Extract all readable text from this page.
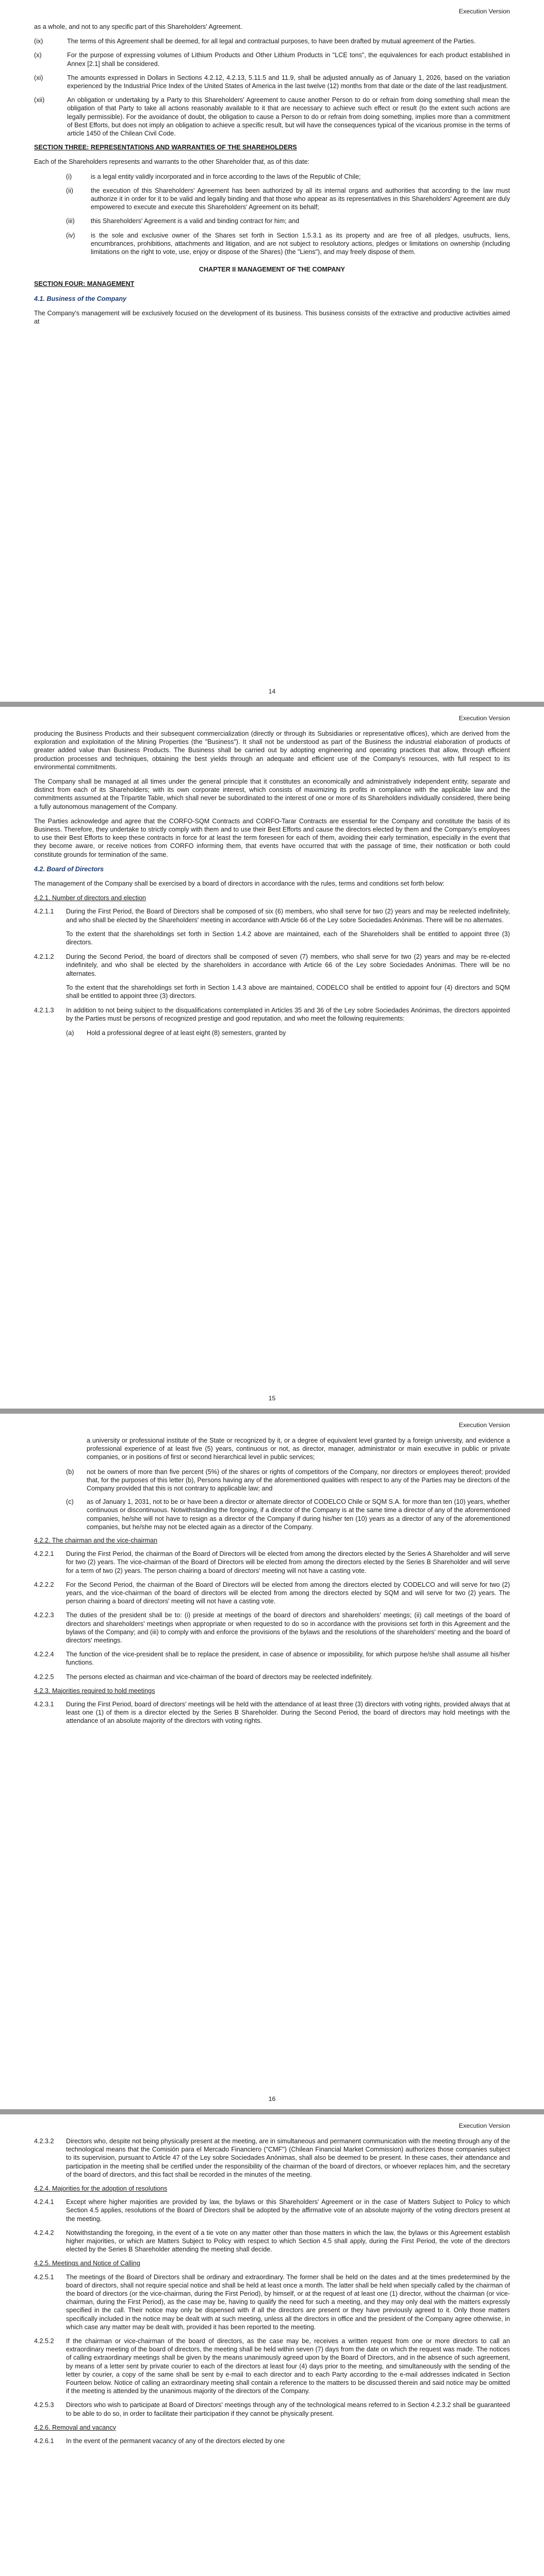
Execution Version

as a whole, and not to any specific part of this Shareholders' Agreement.

(ix)	The terms of this Agreement shall be deemed, for all legal and contractual purposes, to have been drafted by mutual agreement of the Parties.
(x)	For the purpose of expressing volumes of Lithium Products and Other Lithium Products in "LCE tons", the equivalences for each product established in Annex [2.1] shall be considered.
(xi)	The amounts expressed in Dollars in Sections 4.2.12, 4.2.13, 5.11.5 and 11.9, shall be adjusted annually as of January 1, 2026, based on the variation experienced by the Industrial Price Index of the United States of America in the last twelve (12) months from that date or the date of the last readjustment.
(xii)	An obligation or undertaking by a Party to this Shareholders' Agreement to cause another Person to do or refrain from doing something shall mean the obligation of that Party to take all actions reasonably available to it that are necessary to achieve such effect or result (to the extent such actions are legally permissible). For the avoidance of doubt, the obligation to cause a Person to do or refrain from doing something, implies more than a commitment of Best Efforts, but does not imply an obligation to achieve a specific result, but will have the consequences typical of the vicarious promise in the terms of article 1450 of the Chilean Civil Code.
SECTION THREE: REPRESENTATIONS AND WARRANTIES OF THE SHAREHOLDERS

Each of the Shareholders represents and warrants to the other Shareholder that, as of this date:

(i)	is a legal entity validly incorporated and in force according to the laws of the Republic of Chile;
(ii)	the execution of this Shareholders' Agreement has been authorized by all its internal organs and authorities that according to the law must authorize it in order for it to be valid and legally binding and that those who appear as its representatives in this Shareholders' Agreement are duly empowered to execute and execute this Shareholders' Agreement on its behalf;
(iii)	this Shareholders' Agreement is a valid and binding contract for him; and
(iv)	is the sole and exclusive owner of the Shares set forth in Section 1.5.3.1 as its property and are free of all pledges, usufructs, liens, encumbrances, prohibitions, attachments and litigation, and are not subject to resolutory actions, pledges or limitations on ownership (including limitations on the right to vote, use, enjoy or dispose of the Shares) (the "Liens"), and may freely dispose of them.
CHAPTER II MANAGEMENT OF THE COMPANY
SECTION FOUR: MANAGEMENT
4.1. Business of the Company

The Company's management will be exclusively focused on the development of its business. This business consists of the extractive and productive activities aimed at

14
Execution Version

producing the Business Products and their subsequent commercialization (directly or through its Subsidiaries or representative offices), which are derived from the exploration and exploitation of the Mining Properties (the "Business"). It shall not be understood as part of the Business the industrial elaboration of products of greater added value than Business Products. The Business shall be carried out by adopting engineering and operating practices that allow, through efficient production processes and techniques, obtaining the best yields through an adequate and efficient use of the Company's resources, with full respect to its environmental commitments.

The Company shall be managed at all times under the general principle that it constitutes an economically and administratively independent entity, separate and distinct from each of its Shareholders; with its own corporate interest, which consists of maximizing its profits in compliance with the applicable law and the commitments assumed at the Tripartite Table, which shall never be subordinated to the interest of one or more of its Shareholders individually considered, there being a fully autonomous management of the Company.

The Parties acknowledge and agree that the CORFO-SQM Contracts and CORFO-Tarar Contracts are essential for the Company and constitute the basis of its Business. Therefore, they undertake to strictly comply with them and to use their Best Efforts and cause the directors elected by them and the Company's employees to use their Best Efforts to keep these contracts in force for at least the term foreseen for each of them, avoiding their early termination, especially in the event that they become aware, or receive notices from CORFO informing them, that events have occurred that with the passage of time, their notification or both could constitute grounds for termination of the same.

4.2. Board of Directors

The management of the Company shall be exercised by a board of directors in accordance with the rules, terms and conditions set forth below:

4.2.1. Number of directors and election
4.2.1.1	During the First Period, the Board of Directors shall be composed of six (6) members, who shall serve for two (2) years and may be reelected indefinitely, and who shall be elected by the Shareholders' meeting in accordance with Article 66 of the Ley sobre Sociedades Anónimas. There will be no alternates.

To the extent that the shareholdings set forth in Section 1.4.2 above are maintained, each of the Shareholders shall be entitled to appoint three (3) directors.

4.2.1.2	During the Second Period, the board of directors shall be composed of seven (7) members, who shall serve for two (2) years and may be re-elected indefinitely, and who shall be elected by the shareholders in accordance with Article 66 of the Ley sobre Sociedades Anónimas. There will be no alternates.

To the extent that the shareholdings set forth in Section 1.4.3 above are maintained, CODELCO shall be entitled to appoint four (4) directors and SQM shall be entitled to appoint three (3) directors.

4.2.1.3	In addition to not being subject to the disqualifications contemplated in Articles 35 and 36 of the Ley sobre Sociedades Anónimas, the directors appointed by the Parties must be persons of recognized prestige and good reputation, and who meet the following requirements:
(a)	Hold a professional degree of at least eight (8) semesters, granted by
15
Execution Version

a university or professional institute of the State or recognized by it, or a degree of equivalent level granted by a foreign university, and evidence a professional experience of at least five (5) years, continuous or not, as director, manager, administrator or main executive in public or private companies, or in positions of first or second hierarchical level in public services;

(b)	not be owners of more than five percent (5%) of the shares or rights of competitors of the Company, nor directors or employees thereof; provided that, for the purposes of this letter (b), Persons having any of the aforementioned qualities with respect to any of the Parties may be directors of the Company provided that this is not contrary to applicable law; and
(c)	as of January 1, 2031, not to be or have been a director or alternate director of CODELCO Chile or SQM S.A. for more than ten (10) years, whether continuous or discontinuous. Notwithstanding the foregoing, if a director of the Company is at the same time a director of any of the aforementioned companies, he/she will not have to resign as a director of the Company if during his/her ten (10) years as a director of any of the aforementioned companies, but he/she may not be elected again as a director of the Company.
4.2.2. The chairman and the vice-chairman
4.2.2.1	During the First Period, the chairman of the Board of Directors will be elected from among the directors elected by the Series A Shareholder and will serve for two (2) years. The vice-chairman of the Board of Directors will be elected from among the directors elected by the Series B Shareholder and will serve for a term of two (2) years. The person chairing a board of directors' meeting will not have a casting vote.
4.2.2.2	For the Second Period, the chairman of the Board of Directors will be elected from among the directors elected by CODELCO and will serve for two (2) years, and the vice-chairman of the board of directors will be elected from among the directors elected by SQM and will serve for two (2) years. The person chairing a board of directors' meeting will not have a casting vote.
4.2.2.3	The duties of the president shall be to: (i) preside at meetings of the board of directors and shareholders' meetings; (ii) call meetings of the board of directors and shareholders' meetings when appropriate or when requested to do so in accordance with the provisions set forth in this Agreement and the bylaws of the Company; and (iii) to comply with and enforce the provisions of the bylaws and the resolutions of the shareholders' meeting and the board of directors' meetings.
4.2.2.4	The function of the vice-president shall be to replace the president, in case of absence or impossibility, for which purpose he/she shall assume all his/her functions.
4.2.2.5	The persons elected as chairman and vice-chairman of the board of directors may be reelected indefinitely.
4.2.3. Majorities required to hold meetings
4.2.3.1	During the First Period, board of directors' meetings will be held with the attendance of at least three (3) directors with voting rights, provided always that at least one (1) of them is a director elected by the Series B Shareholder. During the Second Period, the board of directors may hold meetings with the attendance of an absolute majority of the directors with voting rights.
16
Execution Version
4.2.3.2	Directors who, despite not being physically present at the meeting, are in simultaneous and permanent communication with the meeting through any of the technological means that the Comisión para el Mercado Financiero ("CMF") (Chilean Financial Market Commission) authorizes those companies subject to its supervision, pursuant to Article 47 of the Ley sobre Sociedades Anónimas, shall also be deemed to be present. In these cases, their attendance and participation in the meeting shall be certified under the responsibility of the chairman of the board of directors, or whoever replaces him, and the secretary of the board of directors, and this fact shall be recorded in the minutes of the meeting.
4.2.4. Majorities for the adoption of resolutions
4.2.4.1	Except where higher majorities are provided by law, the bylaws or this Shareholders' Agreement or in the case of Matters Subject to Policy to which Section 4.5 applies, resolutions of the Board of Directors shall be adopted by the affirmative vote of an absolute majority of the voting directors present at the meeting.
4.2.4.2	Notwithstanding the foregoing, in the event of a tie vote on any matter other than those matters in which the law, the bylaws or this Agreement establish higher majorities, or which are Matters Subject to Policy with respect to which Section 4.5 shall apply, during the First Period, the vote of the directors elected by the Series B Shareholder attending the meeting shall decide.
4.2.5. Meetings and Notice of Calling
4.2.5.1	The meetings of the Board of Directors shall be ordinary and extraordinary. The former shall be held on the dates and at the times predetermined by the board of directors, shall not require special notice and shall be held at least once a month. The latter shall be held when specially called by the chairman of the board of directors (or the vice-chairman, during the First Period), by himself, or at the request of at least one (1) director, without the chairman (or vice-chairman, during the First Period), as the case may be, having to qualify the need for such a meeting, and they may only deal with the matters expressly specified in the call. Their notice may only be dispensed with if all the directors are present or they have previously agreed to it. Only those matters specifically included in the notice may be dealt with at such meeting, unless all the directors in office and the president of the Company agree otherwise, in which case any matter may be dealt with, provided it has been reported to the meeting.
4.2.5.2	If the chairman or vice-chairman of the board of directors, as the case may be, receives a written request from one or more directors to call an extraordinary meeting of the board of directors, the meeting shall be held within seven (7) days from the date on which the request was made. The notices of calling extraordinary meetings shall be given by the means unanimously agreed upon by the Board of Directors, and in the absence of such agreement, by means of a letter sent by private courier to each of the directors at least four (4) days prior to the meeting, and simultaneously with the sending of the letter by courier, a copy of the same shall be sent by e-mail to each director and to each Party according to the e-mail addresses indicated in Section Fourteen below. Notice of calling an extraordinary meeting shall contain a reference to the matters to be discussed therein and said notice may be omitted if the meeting is attended by the unanimous majority of the directors of the Company.
4.2.5.3	Directors who wish to participate at Board of Directors' meetings through any of the technological means referred to in Section 4.2.3.2 shall be guaranteed to be able to do so, in order to facilitate their participation if they cannot be physically present.
4.2.6. Removal and vacancy
4.2.6.1	In the event of the permanent vacancy of any of the directors elected by one
